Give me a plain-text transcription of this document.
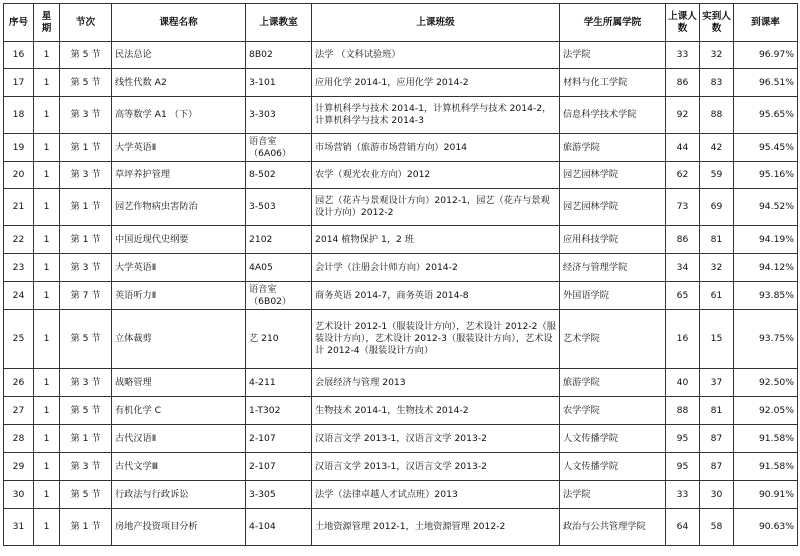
序号	星期	节次	课程名称	上课教室	上课班级	学生所属学院	上课人数	实到人数	到课率
16	1	第 5 节	民法总论	8B02	法学 （文科试验班）	法学院	33	32	96.97%
17	1	第 5 节	线性代数 A2	3-101	应用化学 2014-1，应用化学 2014-2	材料与化工学院	86	83	96.51%
18	1	第 3 节	高等数学 A1 （下）	3-303	计算机科学与技术 2014-1，计算机科学与技术 2014-2，计算机科学与技术 2014-3	信息科学技术学院	92	88	95.65%
19	1	第 1 节	大学英语Ⅱ	语音室（6A06）	市场营销（旅游市场营销方向）2014	旅游学院	44	42	95.45%
20	1	第 3 节	草坪养护管理	8-502	农学（观光农业方向）2012	园艺园林学院	62	59	95.16%
21	1	第 1 节	园艺作物病虫害防治	3-503	园艺（花卉与景观设计方向）2012-1，园艺（花卉与景观设计方向）2012-2	园艺园林学院	73	69	94.52%
22	1	第 1 节	中国近现代史纲要	2102	2014 植物保护 1，2 班	应用科技学院	86	81	94.19%
23	1	第 3 节	大学英语Ⅱ	4A05	会计学（注册会计师方向）2014-2	经济与管理学院	34	32	94.12%
24	1	第 7 节	英语听力Ⅱ	语音室（6B02）	商务英语 2014-7，商务英语 2014-8	外国语学院	65	61	93.85%
25	1	第 5 节	立体裁剪	艺 210	艺术设计 2012-1（服装设计方向），艺术设计 2012-2（服装设计方向），艺术设计 2012-3（服装设计方向），艺术设计 2012-4（服装设计方向）	艺术学院	16	15	93.75%
26	1	第 3 节	战略管理	4-211	会展经济与管理 2013	旅游学院	40	37	92.50%
27	1	第 5 节	有机化学 C	1-T302	生物技术 2014-1，生物技术 2014-2	农学学院	88	81	92.05%
28	1	第 1 节	古代汉语Ⅱ	2-107	汉语言文学 2013-1，汉语言文学 2013-2	人文传播学院	95	87	91.58%
29	1	第 3 节	古代文学Ⅲ	2-107	汉语言文学 2013-1，汉语言文学 2013-2	人文传播学院	95	87	91.58%
30	1	第 5 节	行政法与行政诉讼	3-305	法学（法律卓越人才试点班）2013	法学院	33	30	90.91%
31	1	第 1 节	房地产投资项目分析	4-104	土地资源管理 2012-1，土地资源管理 2012-2	政治与公共管理学院	64	58	90.63%
